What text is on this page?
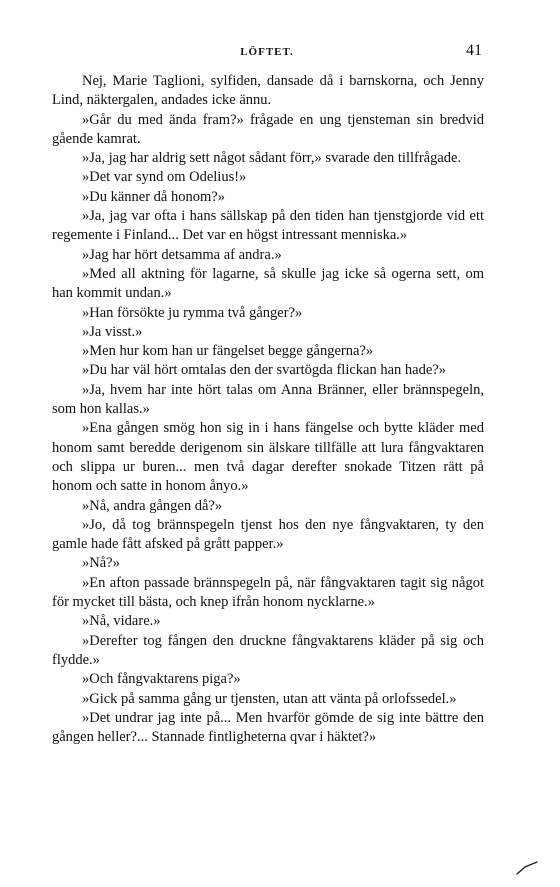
LÖFTET.	41

Nej, Marie Taglioni, sylfiden, dansade då i barnskorna, och Jenny Lind, näktergalen, andades icke ännu.

»Går du med ända fram?» frågade en ung tjensteman sin bredvid gående kamrat.

»Ja, jag har aldrig sett något sådant förr,» svarade den tillfrågade.

»Det var synd om Odelius!»

»Du känner då honom?»

»Ja, jag var ofta i hans sällskap på den tiden han tjenstgjorde vid ett regemente i Finland... Det var en högst intressant menniska.»

»Jag har hört detsamma af andra.»

»Med all aktning för lagarne, så skulle jag icke så ogerna sett, om han kommit undan.»

»Han försökte ju rymma två gånger?»

»Ja visst.»

»Men hur kom han ur fängelset begge gångerna?»

»Du har väl hört omtalas den der svartögda flickan han hade?»

»Ja, hvem har inte hört talas om Anna Bränner, eller brännspegeln, som hon kallas.»

»Ena gången smög hon sig in i hans fängelse och bytte kläder med honom samt beredde derigenom sin älskare tillfälle att lura fångvaktaren och slippa ur buren... men två dagar derefter snokade Titzen rätt på honom och satte in honom ånyo.»

»Nå, andra gången då?»

»Jo, då tog brännspegeln tjenst hos den nye fångvaktaren, ty den gamle hade fått afsked på grått papper.»

»Nå?»

»En afton passade brännspegeln på, när fångvaktaren tagit sig något för mycket till bästa, och knep ifrån honom nycklarne.»

»Nå, vidare.»

»Derefter tog fången den druckne fångvaktarens kläder på sig och flydde.»

»Och fångvaktarens piga?»

»Gick på samma gång ur tjensten, utan att vänta på orlofssedel.»

»Det undrar jag inte på... Men hvarför gömde de sig inte bättre den gången heller?... Stannade fintligheterna qvar i häktet?»
